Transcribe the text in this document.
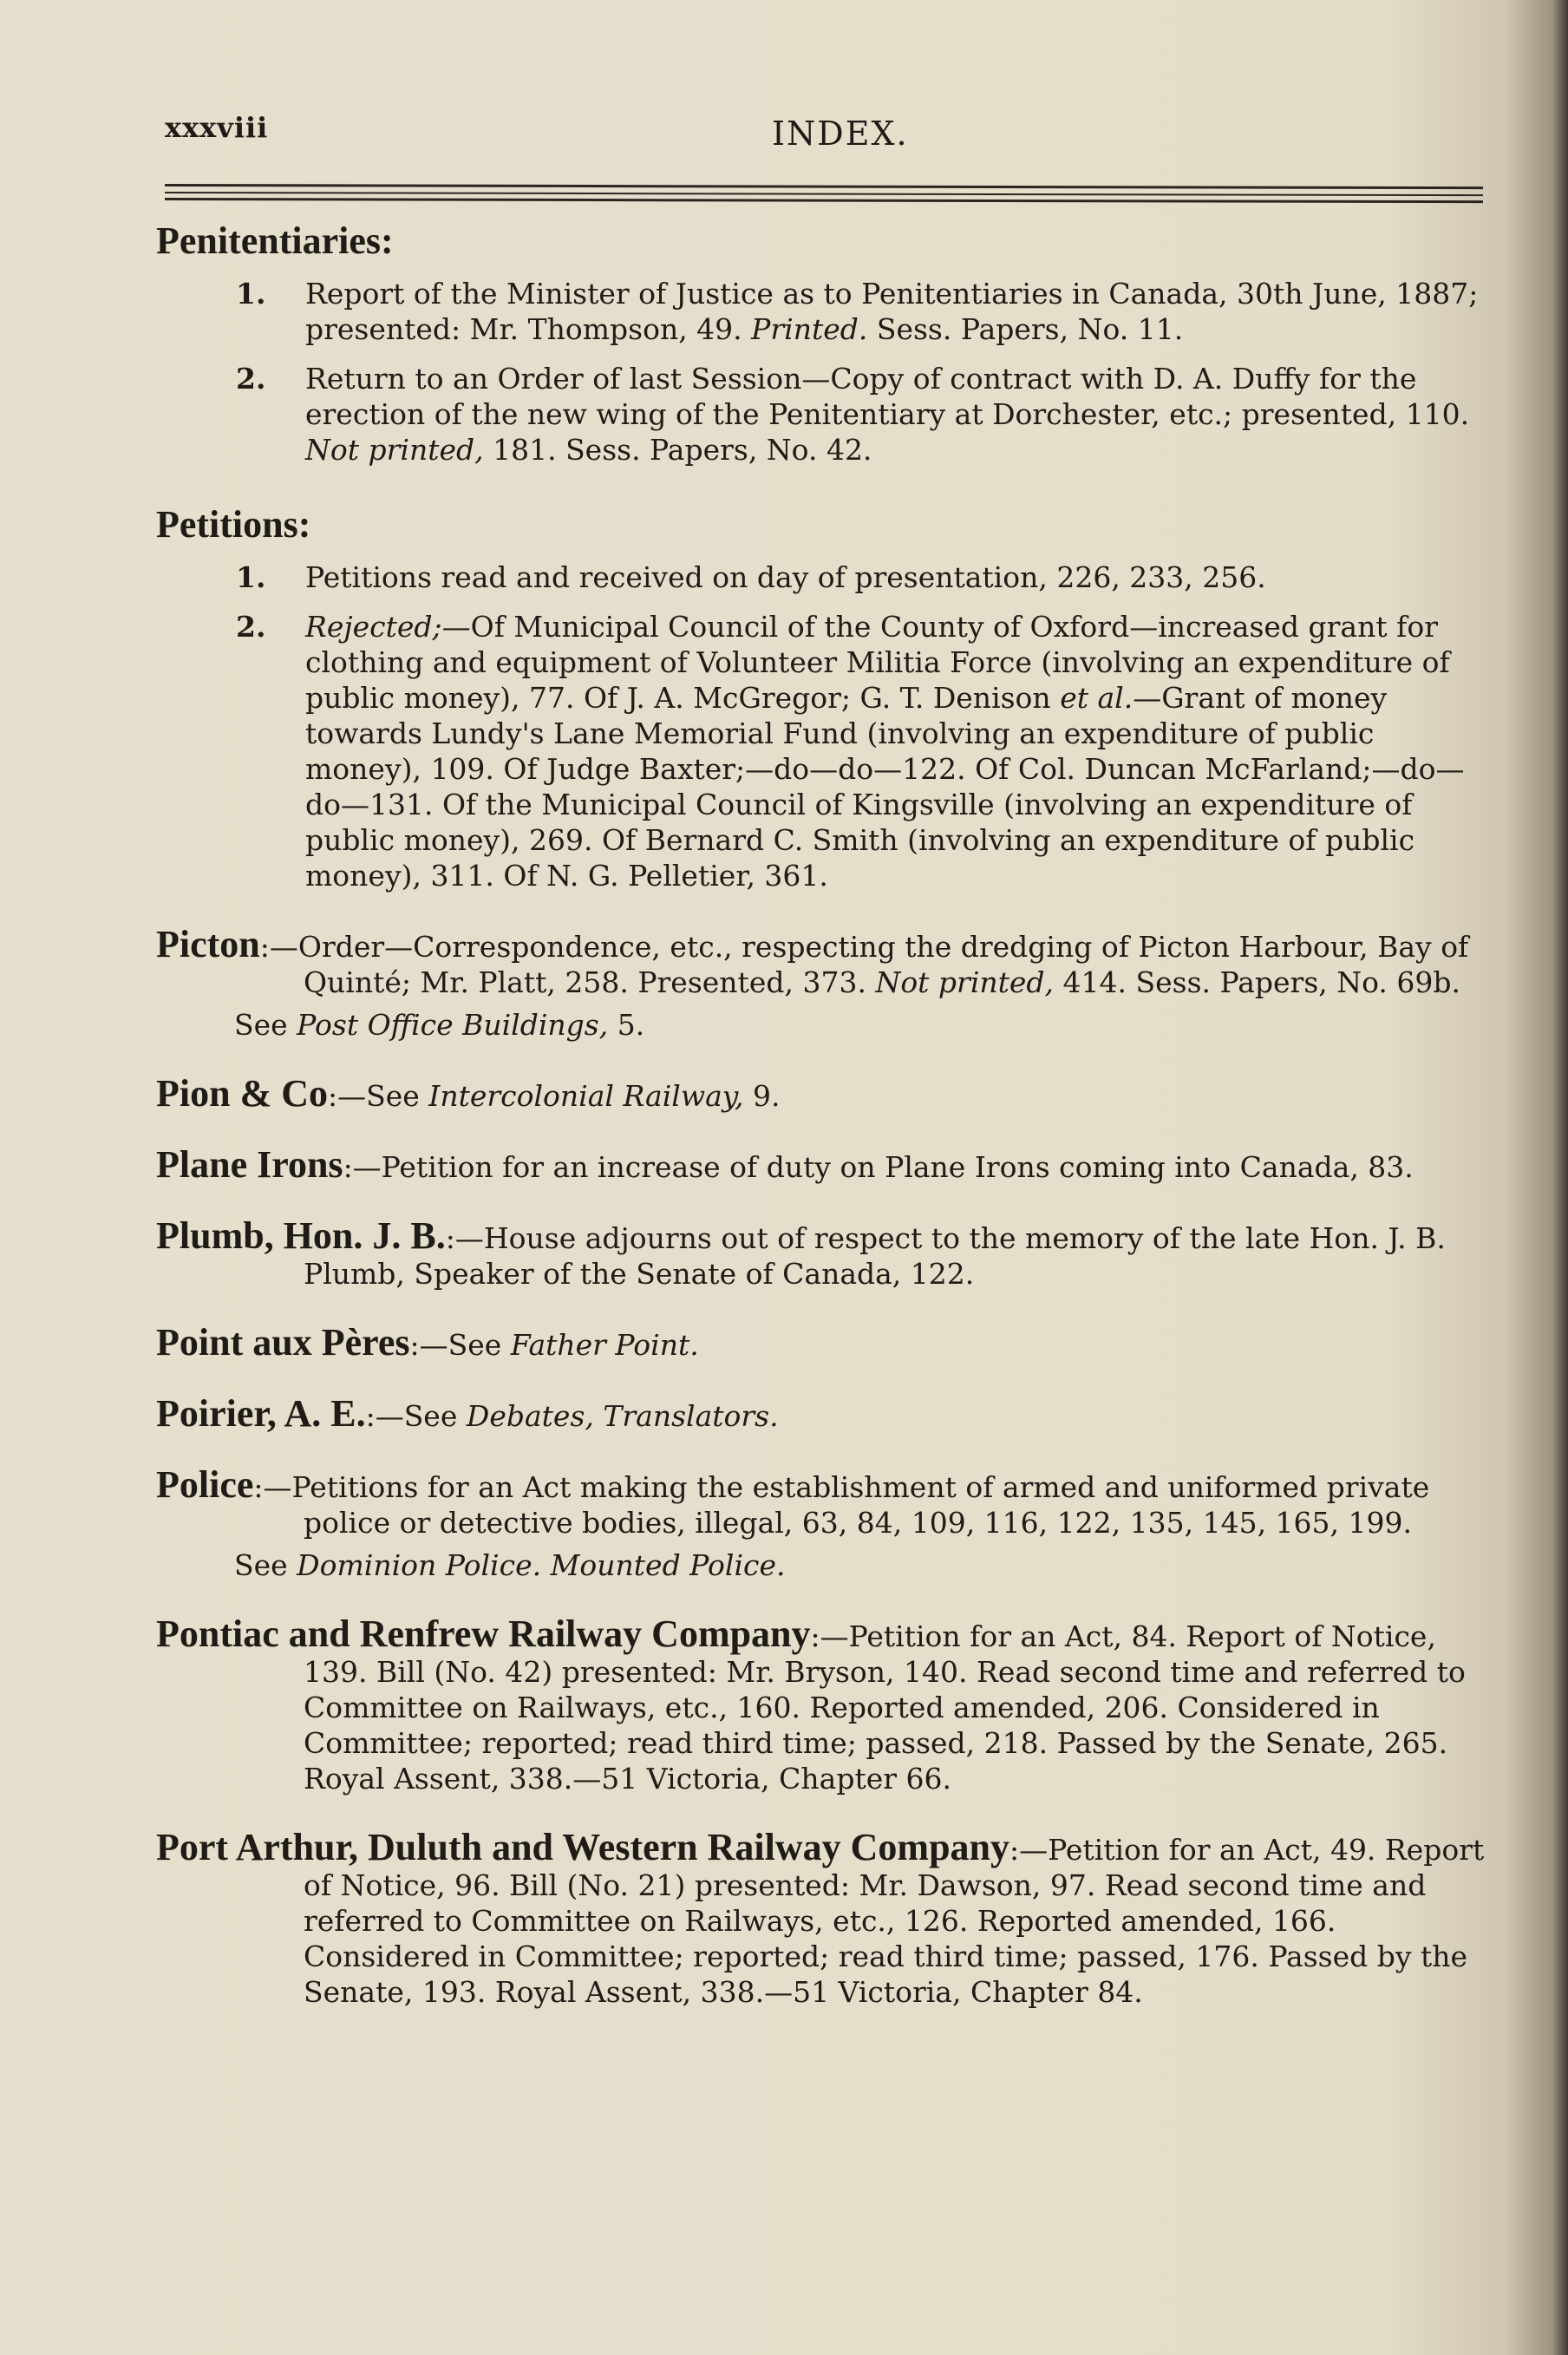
xxxviii	INDEX.
Penitentiaries:
1. Report of the Minister of Justice as to Penitentiaries in Canada, 30th June, 1887; presented: Mr. Thompson, 49. Printed. Sess. Papers, No. 11.
2. Return to an Order of last Session—Copy of contract with D. A. Duffy for the erection of the new wing of the Penitentiary at Dorchester, etc.; presented, 110. Not printed, 181. Sess. Papers, No. 42.
Petitions:
1. Petitions read and received on day of presentation, 226, 233, 256.
2. Rejected;—Of Municipal Council of the County of Oxford—increased grant for clothing and equipment of Volunteer Militia Force (involving an expenditure of public money), 77. Of J. A. McGregor; G. T. Denison et al.—Grant of money towards Lundy's Lane Memorial Fund (involving an expenditure of public money), 109. Of Judge Baxter;—do—do—122. Of Col. Duncan McFarland;—do—do—131. Of the Municipal Council of Kingsville (involving an expenditure of public money), 269. Of Bernard C. Smith (involving an expenditure of public money), 311. Of N. G. Pelletier, 361.
Picton:—Order—Correspondence, etc., respecting the dredging of Picton Harbour, Bay of Quinté; Mr. Platt, 258. Presented, 373. Not printed, 414. Sess. Papers, No. 69b.
See Post Office Buildings, 5.
Pion & Co:—See Intercolonial Railway, 9.
Plane Irons:—Petition for an increase of duty on Plane Irons coming into Canada, 83.
Plumb, Hon. J. B.:—House adjourns out of respect to the memory of the late Hon. J. B. Plumb, Speaker of the Senate of Canada, 122.
Point aux Pères:—See Father Point.
Poirier, A. E.:—See Debates, Translators.
Police:—Petitions for an Act making the establishment of armed and uniformed private police or detective bodies, illegal, 63, 84, 109, 116, 122, 135, 145, 165, 199.
See Dominion Police. Mounted Police.
Pontiac and Renfrew Railway Company:—Petition for an Act, 84. Report of Notice, 139. Bill (No. 42) presented: Mr. Bryson, 140. Read second time and referred to Committee on Railways, etc., 160. Reported amended, 206. Considered in Committee; reported; read third time; passed, 218. Passed by the Senate, 265. Royal Assent, 338.—51 Victoria, Chapter 66.
Port Arthur, Duluth and Western Railway Company:—Petition for an Act, 49. Report of Notice, 96. Bill (No. 21) presented: Mr. Dawson, 97. Read second time and referred to Committee on Railways, etc., 126. Reported amended, 166. Considered in Committee; reported; read third time; passed, 176. Passed by the Senate, 193. Royal Assent, 338.—51 Victoria, Chapter 84.
